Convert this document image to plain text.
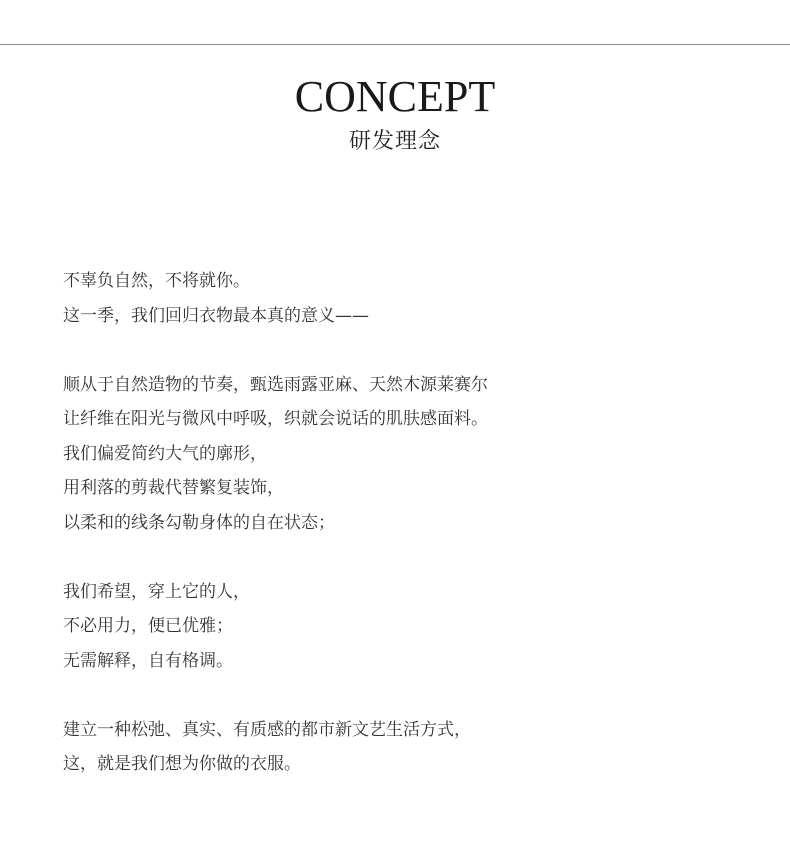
CONCEPT
研发理念
不辜负自然，不将就你。
这一季，我们回归衣物最本真的意义——
顺从于自然造物的节奏，甄选雨露亚麻、天然木源莱赛尔
让纤维在阳光与微风中呼吸，织就会说话的肌肤感面料。
我们偏爱简约大气的廓形，
用利落的剪裁代替繁复装饰，
以柔和的线条勾勒身体的自在状态；
我们希望，穿上它的人，
不必用力，便已优雅；
无需解释，自有格调。
建立一种松弛、真实、有质感的都市新文艺生活方式，
这，就是我们想为你做的衣服。
